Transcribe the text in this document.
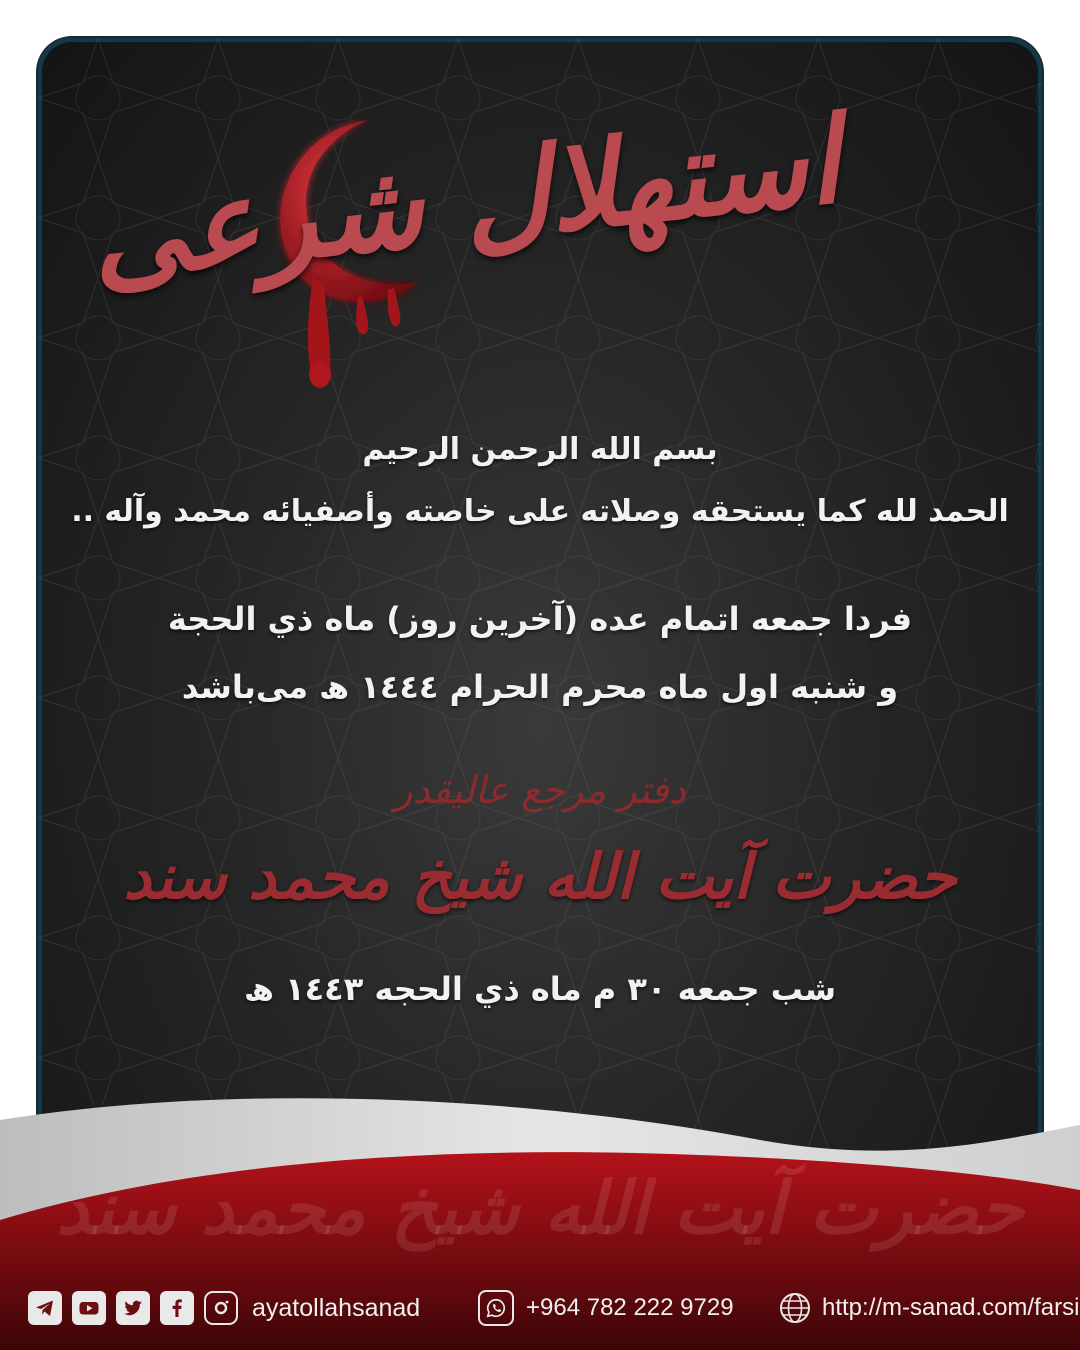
استهلال شرعی
بسم الله الرحمن الرحيم
الحمد لله كما يستحقه وصلاته على خاصته وأصفيائه محمد وآله ..
فردا جمعه اتمام عده (آخرين روز) ماه ذي الحجة
و شنبه اول ماه محرم الحرام ١٤٤٤ ھ مى‌باشد
دفتر مرجع عالیقدر
حضرت آیت الله شیخ محمد سند
شب جمعه ٣٠ م ماه ذي الحجه ١٤٤٣ ھ
حضرت آیت الله شیخ محمد سند
ayatollahsanad	+964 782 222 9729	http://m-sanad.com/farsi
